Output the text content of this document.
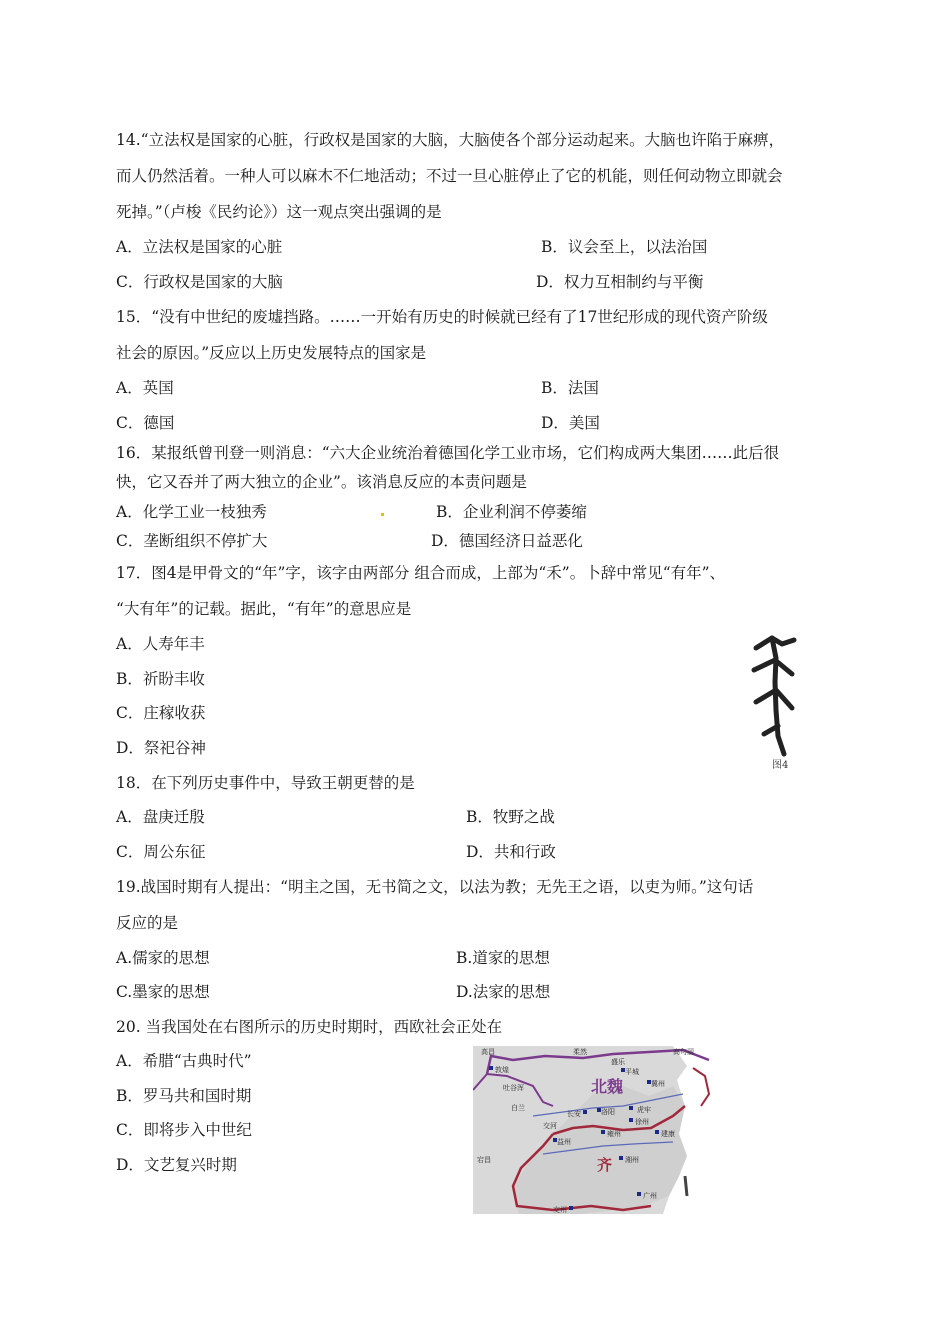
14.“立法权是国家的心脏，行政权是国家的大脑，大脑使各个部分运动起来。大脑也许陷于麻痹，
而人仍然活着。一种人可以麻木不仁地活动；不过一旦心脏停止了它的机能，则任何动物立即就会
死掉。”（卢梭《民约论》）这一观点突出强调的是
A．立法权是国家的心脏	B．议会至上，以法治国
C．行政权是国家的大脑	D．权力互相制约与平衡
15．“没有中世纪的废墟挡路。……一开始有历史的时候就已经有了17世纪形成的现代资产阶级
社会的原因。”反应以上历史发展特点的国家是
A．英国	B．法国
C．德国	D．美国
16．某报纸曾刊登一则消息：“六大企业统治着德国化学工业市场，它们构成两大集团……此后很
快，它又吞并了两大独立的企业”。该消息反应的本责问题是
A．化学工业一枝独秀	B．企业利润不停萎缩
C．垄断组织不停扩大	D．德国经济日益恶化
17．图4是甲骨文的“年”字，该字由两部分 组合而成，上部为“禾”。卜辞中常见“有年”、
“大有年”的记载。据此，“有年”的意思应是
A．人寿年丰
B．祈盼丰收
C．庄稼收获
D．祭祀谷神
图4
18．在下列历史事件中，导致王朝更替的是
A．盘庚迁殷	B．牧野之战
C．周公东征	D．共和行政
19.战国时期有人提出：“明主之国，无书简之文，以法为教；无先王之语，以吏为师。”这句话
反应的是
A.儒家的思想	B.道家的思想
C.墨家的思想	D.法家的思想
20. 当我国处在右图所示的历史时期时，西欧社会正处在
A．希腊“古典时代”
B．罗马共和国时期
C．即将步入中世纪
D．文艺复兴时期
高昌	柔然	高句丽
敦煌
盛乐
平城
吐谷浑	冀州
北魏
白兰
长安	洛阳	虎牢
徐州
交河
益州
雍州	建康
宕昌	齐 湘州
广州
交州
